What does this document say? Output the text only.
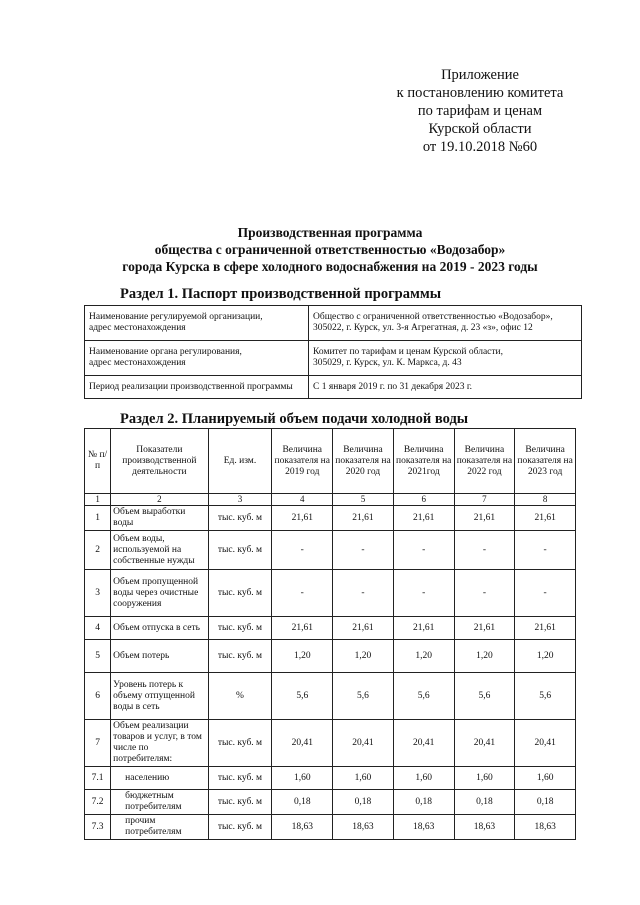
Приложение
к постановлению комитета
по тарифам и ценам
Курской области
от 19.10.2018 №60
Производственная программа
общества с ограниченной ответственностью «Водозабор»
города Курска в сфере холодного водоснабжения на 2019 - 2023 годы
Раздел 1. Паспорт производственной программы
Наименование регулируемой организации,
адрес местонахождения	Общество с ограниченной ответственностью «Водозабор»,
305022, г. Курск, ул. 3-я Агрегатная, д. 23 «з», офис 12

Наименование органа регулирования,
адрес местонахождения	Комитет по тарифам и ценам Курской области,
305029, г. Курск, ул. К. Маркса, д. 43

Период реализации производственной программы	С 1 января 2019 г. по 31 декабря 2023 г.
Раздел 2. Планируемый объем подачи холодной воды
№ п/п	Показатели производственной деятельности	Ед. изм.	Величина показателя на 2019 год	Величина показателя на 2020 год	Величина показателя на 2021год	Величина показателя на 2022 год	Величина показателя на 2023 год
1	2	3	4	5	6	7	8
1	Объем выработки воды	тыс. куб. м	21,61	21,61	21,61	21,61	21,61
2	Объем воды, используемой на собственные нужды	тыс. куб. м	-	-	-	-	-
3	Объем пропущенной воды через очистные сооружения	тыс. куб. м	-	-	-	-	-
4	Объем отпуска в сеть	тыс. куб. м	21,61	21,61	21,61	21,61	21,61
5	Объем потерь	тыс. куб. м	1,20	1,20	1,20	1,20	1,20
6	Уровень потерь к объему отпущенной воды в сеть	%	5,6	5,6	5,6	5,6	5,6
7	Объем реализации товаров и услуг, в том числе по потребителям:	тыс. куб. м	20,41	20,41	20,41	20,41	20,41
7.1	населению	тыс. куб. м	1,60	1,60	1,60	1,60	1,60
7.2	бюджетным потребителям	тыс. куб. м	0,18	0,18	0,18	0,18	0,18
7.3	прочим потребителям	тыс. куб. м	18,63	18,63	18,63	18,63	18,63
